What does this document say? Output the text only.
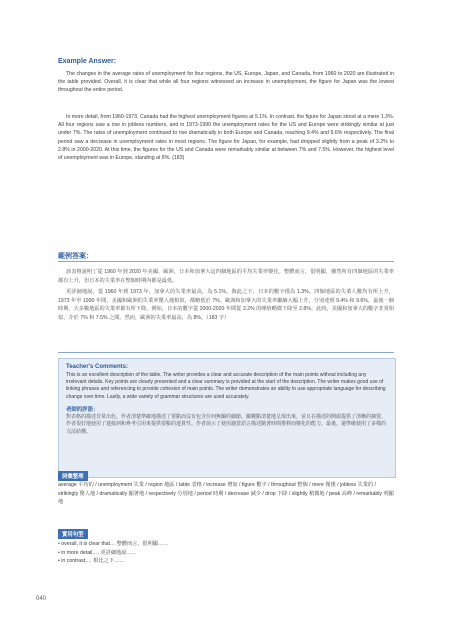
Example Answer:

The changes in the average rates of unemployment for four regions, the US, Europe, Japan, and Canada, from 1960 to 2020 are illustrated in the table provided. Overall, it is clear that while all four regions witnessed an increase in unemployment, the figure for Japan was the lowest throughout the entire period.

In more detail, from 1960-1973, Canada had the highest unemployment figures at 5.1%. In contrast, the figure for Japan stood at a mere 1.3%. All four regions saw a rise in jobless numbers, and in 1973-1990 the unemployment rates for the US and Europe were strikingly similar at just under 7%. The rates of unemployment continued to rise dramatically in both Europe and Canada, reaching 9.4% and 9.6% respectively. The final period saw a decrease in unemployment rates in most regions. The figure for Japan, for example, had dropped slightly from a peak of 3.2% to 2.8% in 2000-2020. At this time, the figures for the US and Canada were remarkably similar at between 7% and 7.5%. However, the highest level of unemployment was in Europe, standing at 8%. (183)

範例答案：

該表格說明了從 1960 年到 2020 年美國、歐洲、日本和加拿大這四個地區的平均失業率變化。整體而言，很明顯，雖然所有四個地區的失業率都有上升，但日本的失業率在整個時期內都是最低。

更詳細地說，從 1960 年到 1973 年，加拿大的失業率最高，為 5.1%。與此之下，日本的數字僅為 1.3%。四個地區的失業人數均有所上升，1973 年至 1990 年間，美國和歐洲的失業率驚人地相似，都略低於 7%。歐洲和加拿大的失業率繼續大幅上升，分別達到 9.4% 和 9.6%。最後一個時期，大多數地區的失業率都有所下降。例如，日本的數字從 2000-2020 年間從 3.2% 的峰值略微下降至 2.8%。此時，美國和加拿大的數字非常相似，介於 7% 和 7.5% 之間。然而，歐洲的失業率最高，為 8%。（183 字）

Teacher's Comments:

This is an excellent description of the table. The writer provides a clear and accurate description of the main points without including any irrelevant details. Key points are clearly presented and a clear summary is provided at the start of the description. The writer makes good use of linking phrases and referencing to provide cohesion of main points. The writer demonstrates an ability to use appropriate language for describing change over time. Lastly, a wide variety of grammar structures are used accurately.

老師的評語：

對表格的描述非常出色。作者清楚準確地描述了要點而沒有包含任何無關的細節。關鍵點清楚地呈現出來，並且在描述的開頭提供了清晰的摘要。作者很好地使用了連接詞和參考引用來提供要點的連貫性。作者展示了使用適當語言描述隨著時間推移而變化的能力。最後，還準確使用了多樣的文法結構。

詞彙整理

average 平均的 / unemployment 失業 / region 地區 / table 表格 / increase 增加 / figure 數字 / throughout 整個 / mere 僅僅 / jobless 失業的 / strikingly 驚人地 / dramatically 顯著地 / respectively 分別地 / period 時期 / decrease 減少 / drop 下降 / slightly 稍微地 / peak 高峰 / remarkably 明顯地

實用句型
• overall, it is clear that… 整體而言，很明顯……
• in more detail,… 更詳細地說……
• in contrast,… 相比之下……
040
